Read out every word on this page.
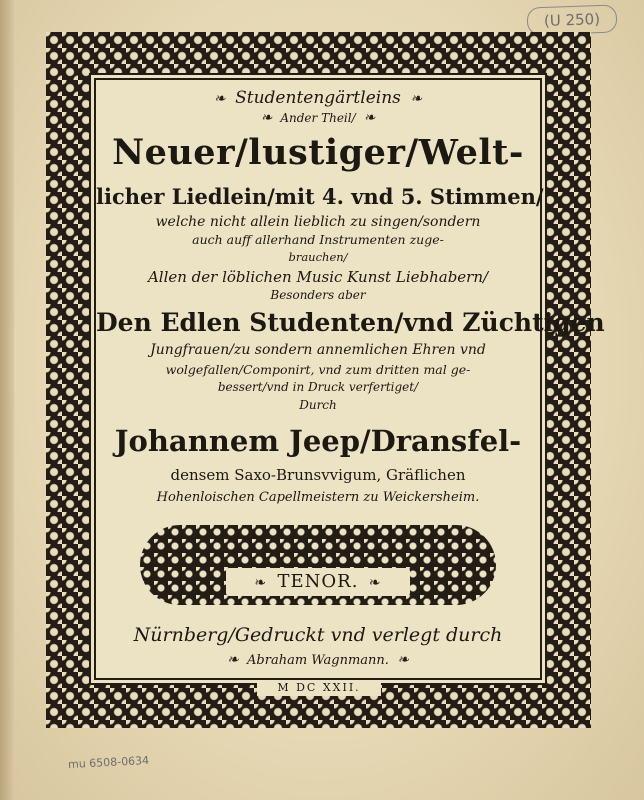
(U 250)
❧ Studentengärtleins ❧
❧ Ander Theil/ ❧
Neuer/lustiger/Welt-
licher Liedlein/mit 4. vnd 5. Stimmen/
welche nicht allein lieblich zu singen/sondern
auch auff allerhand Instrumenten zuge-
brauchen/
Allen der löblichen Music Kunst Liebhabern/
Besonders aber
Den Edlen Studenten/vnd Züchtigen
Jungfrauen/zu sondern annemlichen Ehren vnd
wolgefallen/Componirt, vnd zum dritten mal ge-
bessert/vnd in Druck verfertiget/
Durch
Johannem Jeep/Dransfel-
densem Saxo-Brunsvvigum, Gräflichen
Hohenloischen Capellmeistern zu Weickersheim.
❧ TENOR. ❧
Nürnberg/Gedruckt vnd verlegt durch
❧ Abraham Wagnmann. ❧
M DC XXII.
mu 6508-0634
